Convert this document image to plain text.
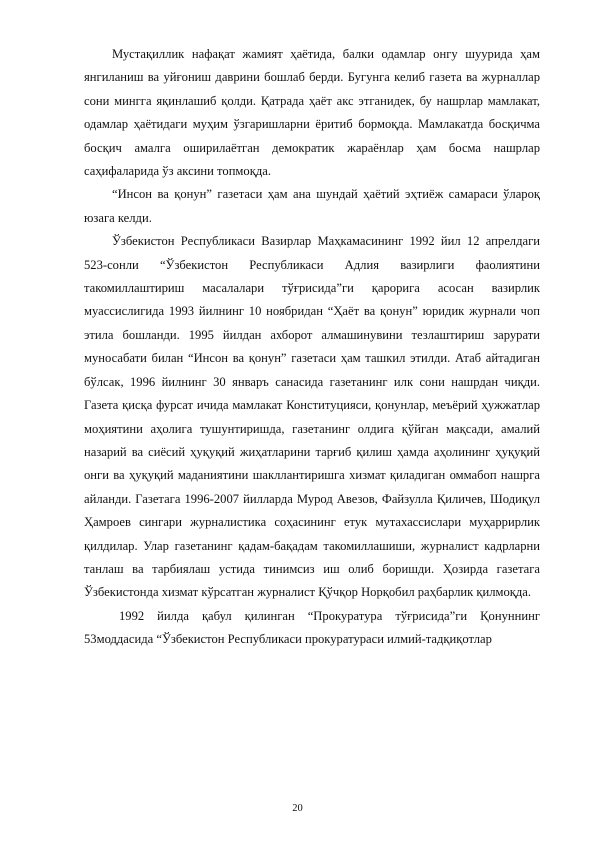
Мустақиллик нафақат жамият ҳаётида, балки одамлар онгу шуурида ҳам янгиланиш ва уйғониш даврини бошлаб берди. Бугунга келиб газета ва журналлар сони мингга яқинлашиб қолди. Қатрада ҳаёт акс этганидек, бу нашрлар мамлакат, одамлар ҳаётидаги муҳим ўзгаришларни ёритиб бормоқда. Мамлакатда босқичма босқич амалга оширилаётган демократик жараёнлар ҳам босма нашрлар саҳифаларида ўз аксини топмоқда.

“Инсон ва қонун” газетаси ҳам ана шундай ҳаётий эҳтиёж самараси ўлароқ юзага келди.

Ўзбекистон Республикаси Вазирлар Маҳкамасининг 1992 йил 12 апрелдаги 523-сонли “Ўзбекистон Республикаси Адлия вазирлиги фаолиятини такомиллаштириш масалалари тўғрисида”ги қарорига асосан вазирлик муассислигида 1993 йилнинг 10 ноябридан “Ҳаёт ва қонун” юридик журнали чоп этила бошланди. 1995 йилдан ахборот алмашинувини тезлаштириш зарурати муносабати билан “Инсон ва қонун” газетаси ҳам ташкил этилди. Атаб айтадиган бўлсак, 1996 йилнинг 30 январъ санасида газетанинг илк сони нашрдан чиқди. Газета қисқа фурсат ичида мамлакат Конституцияси, қонунлар, меъёрий ҳужжатлар моҳиятини аҳолига тушунтиришда, газетанинг олдига қўйган мақсади, амалий назарий ва сиёсий ҳуқуқий жиҳатларини тарғиб қилиш ҳамда аҳолининг ҳуқуқий онги ва ҳуқуқий маданиятини шакллантиришга хизмат қиладиган оммабоп нашрга айланди. Газетага 1996-2007 йилларда Мурод Авезов, Файзулла Қиличев, Шодиқул Ҳамроев сингари журналистика соҳасининг етук мутахассислари муҳаррирлик қилдилар. Улар газетанинг қадам-бақадам такомиллашиши, журналист кадрларни танлаш ва тарбиялаш устида тинимсиз иш олиб боришди. Ҳозирда газетага Ўзбекистонда хизмат кўрсатган журналист Қўчқор Норқобил раҳбарлик қилмоқда.

1992 йилда қабул қилинган “Прокуратура тўғрисида”ги Қонуннинг 53моддасида “Ўзбекистон Республикаси прокуратураси илмий-тадқиқотлар

20
